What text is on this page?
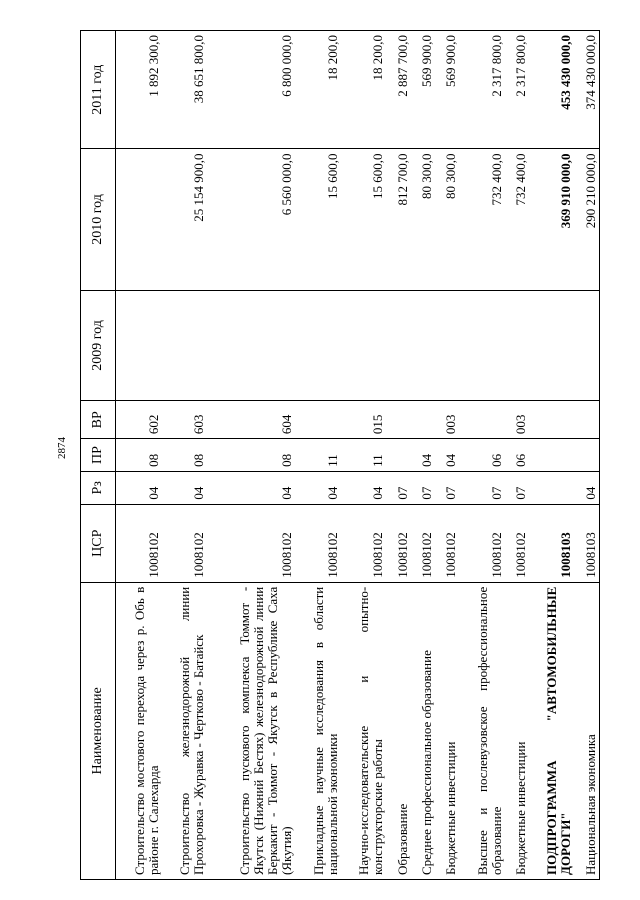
2874
Наименование	ЦСР	Рз	ПР	ВР	2009 год	2010 год	2011 год
Строительство мостового перехода через р. Обь в районе г. Салехарда	1008102	04	08	602			1 892 300,0
Строительство железнодорожной линии Прохоровка - Журавка - Чертково - Батайск	1008102	04	08	603		25 154 900,0	38 651 800,0
Строительство пускового комплекса Томмот - Якутск (Нижний Бестях) железнодорожной линии Беркакит - Томмот - Якутск в Республике Саха (Якутия)	1008102	04	08	604		6 560 000,0	6 800 000,0
Прикладные научные исследования в области национальной экономики	1008102	04	11			15 600,0	18 200,0
Научно-исследовательские и опытно-конструкторские работы	1008102	04	11	015		15 600,0	18 200,0
Образование	1008102	07				812 700,0	2 887 700,0
Среднее профессиональное образование	1008102	07	04			80 300,0	569 900,0
Бюджетные инвестиции	1008102	07	04	003		80 300,0	569 900,0
Высшее и послевузовское профессиональное образование	1008102	07	06			732 400,0	2 317 800,0
Бюджетные инвестиции	1008102	07	06	003		732 400,0	2 317 800,0
ПОДПРОГРАММА "АВТОМОБИЛЬНЫЕ ДОРОГИ"	1008103					369 910 000,0	453 430 000,0
Национальная экономика	1008103	04				290 210 000,0	374 430 000,0
